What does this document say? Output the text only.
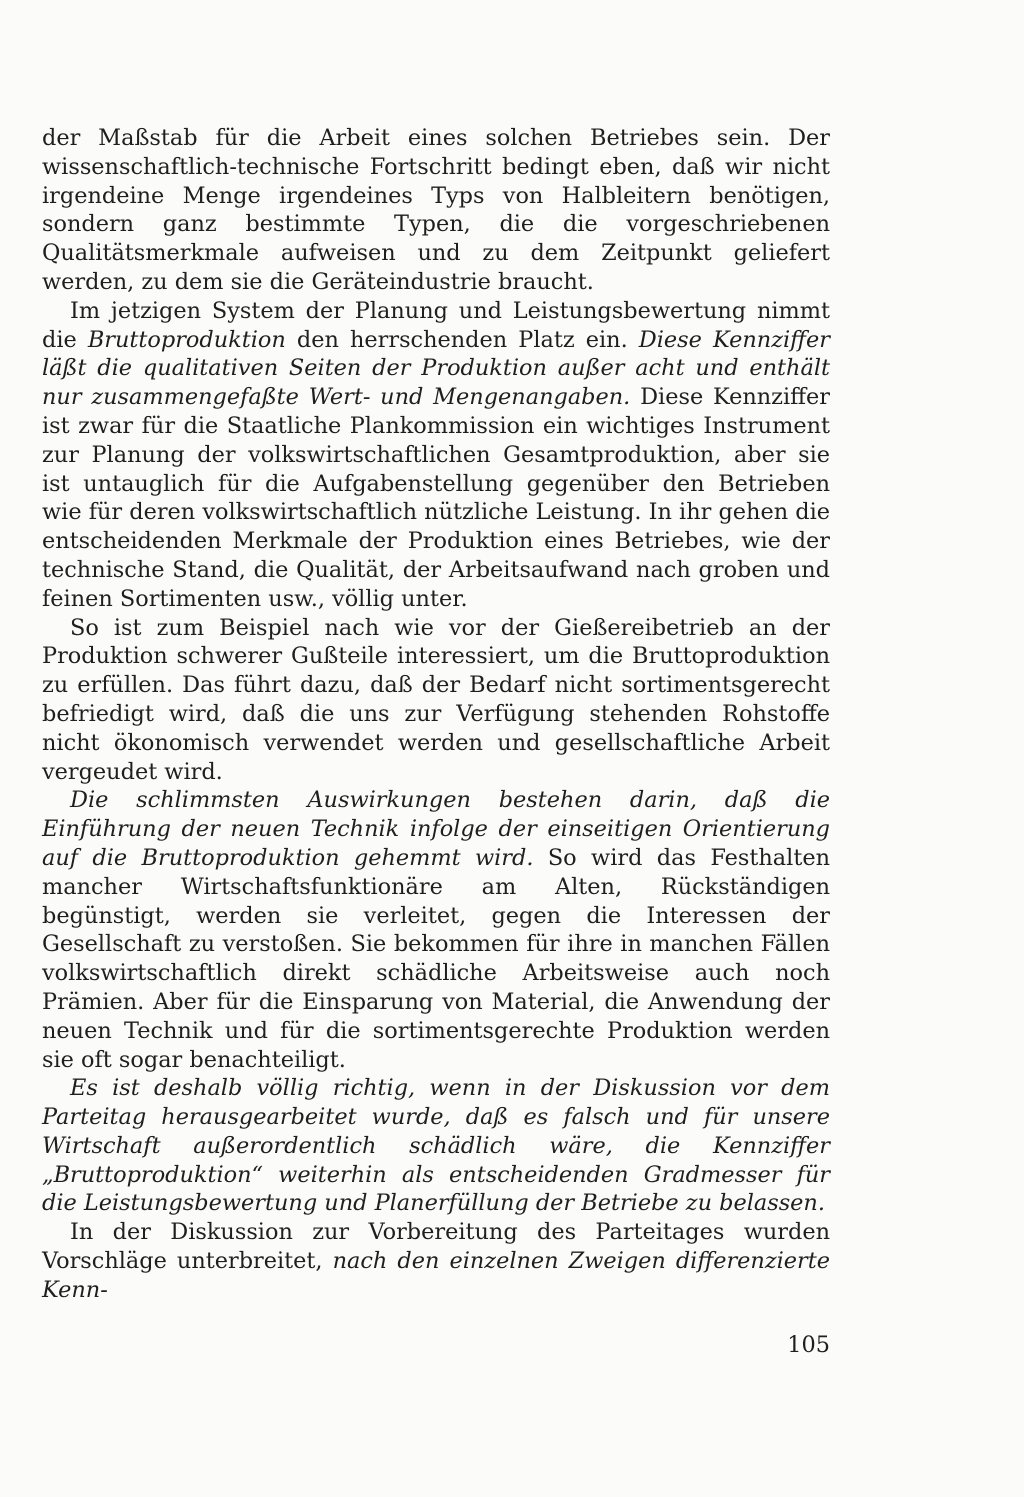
der Maßstab für die Arbeit eines solchen Betriebes sein. Der wissenschaftlich-technische Fortschritt bedingt eben, daß wir nicht irgendeine Menge irgendeines Typs von Halbleitern benötigen, sondern ganz bestimmte Typen, die die vorgeschriebenen Qualitätsmerkmale aufweisen und zu dem Zeitpunkt geliefert werden, zu dem sie die Geräteindustrie braucht.

Im jetzigen System der Planung und Leistungsbewertung nimmt die Bruttoproduktion den herrschenden Platz ein. Diese Kennziffer läßt die qualitativen Seiten der Produktion außer acht und enthält nur zusammengefaßte Wert- und Mengenangaben. Diese Kennziffer ist zwar für die Staatliche Plankommission ein wichtiges Instrument zur Planung der volkswirtschaftlichen Gesamtproduktion, aber sie ist untauglich für die Aufgabenstellung gegenüber den Betrieben wie für deren volkswirtschaftlich nützliche Leistung. In ihr gehen die entscheidenden Merkmale der Produktion eines Betriebes, wie der technische Stand, die Qualität, der Arbeitsaufwand nach groben und feinen Sortimenten usw., völlig unter.

So ist zum Beispiel nach wie vor der Gießereibetrieb an der Produktion schwerer Gußteile interessiert, um die Bruttoproduktion zu erfüllen. Das führt dazu, daß der Bedarf nicht sortimentsgerecht befriedigt wird, daß die uns zur Verfügung stehenden Rohstoffe nicht ökonomisch verwendet werden und gesellschaftliche Arbeit vergeudet wird.

Die schlimmsten Auswirkungen bestehen darin, daß die Einführung der neuen Technik infolge der einseitigen Orientierung auf die Bruttoproduktion gehemmt wird. So wird das Festhalten mancher Wirtschaftsfunktionäre am Alten, Rückständigen begünstigt, werden sie verleitet, gegen die Interessen der Gesellschaft zu verstoßen. Sie bekommen für ihre in manchen Fällen volkswirtschaftlich direkt schädliche Arbeitsweise auch noch Prämien. Aber für die Einsparung von Material, die Anwendung der neuen Technik und für die sortimentsgerechte Produktion werden sie oft sogar benachteiligt.

Es ist deshalb völlig richtig, wenn in der Diskussion vor dem Parteitag herausgearbeitet wurde, daß es falsch und für unsere Wirtschaft außerordentlich schädlich wäre, die Kennziffer „Bruttoproduktion“ weiterhin als entscheidenden Gradmesser für die Leistungsbewertung und Planerfüllung der Betriebe zu belassen.

In der Diskussion zur Vorbereitung des Parteitages wurden Vorschläge unterbreitet, nach den einzelnen Zweigen differenzierte Kenn-

105
